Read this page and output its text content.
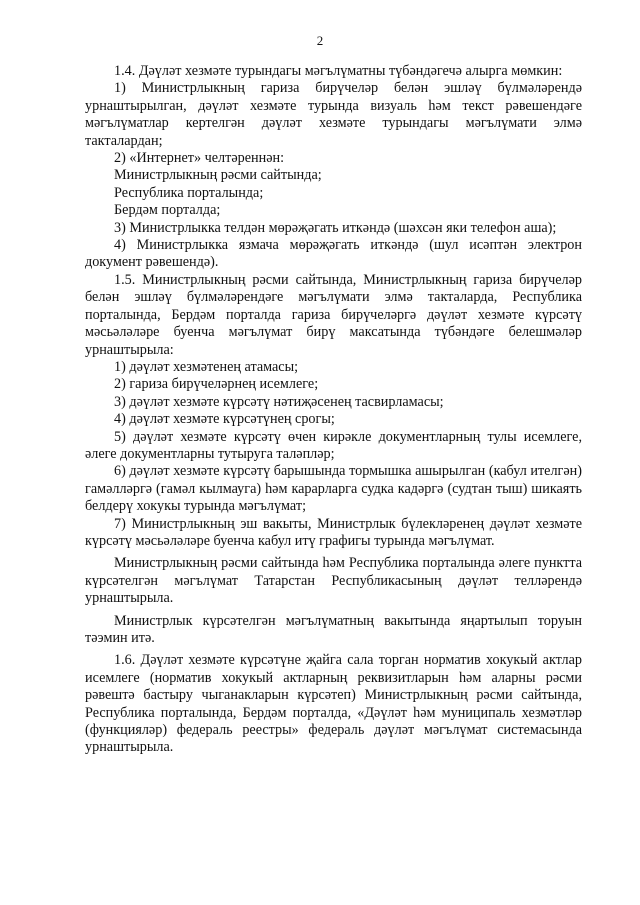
2

1.4. Дәүләт хезмәте турындагы мәгълүматны түбәндәгечә алырга мөмкин:

1) Министрлыкның гариза бирүчеләр белән эшләү бүлмәләрендә урнаштырылган, дәүләт хезмәте турында визуаль һәм текст рәвешендәге мәгълүматлар кертелгән дәүләт хезмәте турындагы мәгълүмати элмә такталардан;

2) «Интернет» челтәреннән:

Министрлыкның рәсми сайтында;

Республика порталында;

Бердәм порталда;

3) Министрлыкка телдән мөрәҗәгать иткәндә (шәхсән яки телефон аша);

4) Министрлыкка язмача мөрәҗәгать иткәндә (шул исәптән электрон документ рәвешендә).

1.5. Министрлыкның рәсми сайтында, Министрлыкның гариза бирүчеләр белән эшләү бүлмәләрендәге мәгълүмати элмә такталарда, Республика порталында, Бердәм порталда гариза бирүчеләргә дәүләт хезмәте күрсәтү мәсьәләләре буенча мәгълүмат бирү максатында түбәндәге белешмәләр урнаштырыла:

1) дәүләт хезмәтенең атамасы;

2) гариза бирүчеләрнең исемлеге;

3) дәүләт хезмәте күрсәтү нәтиҗәсенең тасвирламасы;

4) дәүләт хезмәте күрсәтүнең срогы;

5) дәүләт хезмәте күрсәтү өчен кирәкле документларның тулы исемлеге, әлеге документларны тутыруга таләпләр;

6) дәүләт хезмәте күрсәтү барышында тормышка ашырылган (кабул ителгән) гамәлләргә (гамәл кылмауга) һәм карарларга судка кадәргә (судтан тыш) шикаять белдерү хокукы турында мәгълүмат;

7) Министрлыкның эш вакыты, Министрлык бүлекләренең дәүләт хезмәте күрсәтү мәсьәләләре буенча кабул итү графигы турында мәгълүмат.

Министрлыкның рәсми сайтында һәм Республика порталында әлеге пунктта күрсәтелгән мәгълүмат Татарстан Республикасының дәүләт телләрендә урнаштырыла.

Министрлык күрсәтелгән мәгълүматның вакытында яңартылып торуын тәэмин итә.

1.6. Дәүләт хезмәте күрсәтүне җайга сала торган норматив хокукый актлар исемлеге (норматив хокукый актларның реквизитларын һәм аларны рәсми рәвештә бастыру чыганакларын күрсәтеп) Министрлыкның рәсми сайтында, Республика порталында, Бердәм порталда, «Дәүләт һәм муниципаль хезмәтләр (функцияләр) федераль реестры» федераль дәүләт мәгълүмат системасында урнаштырыла.
